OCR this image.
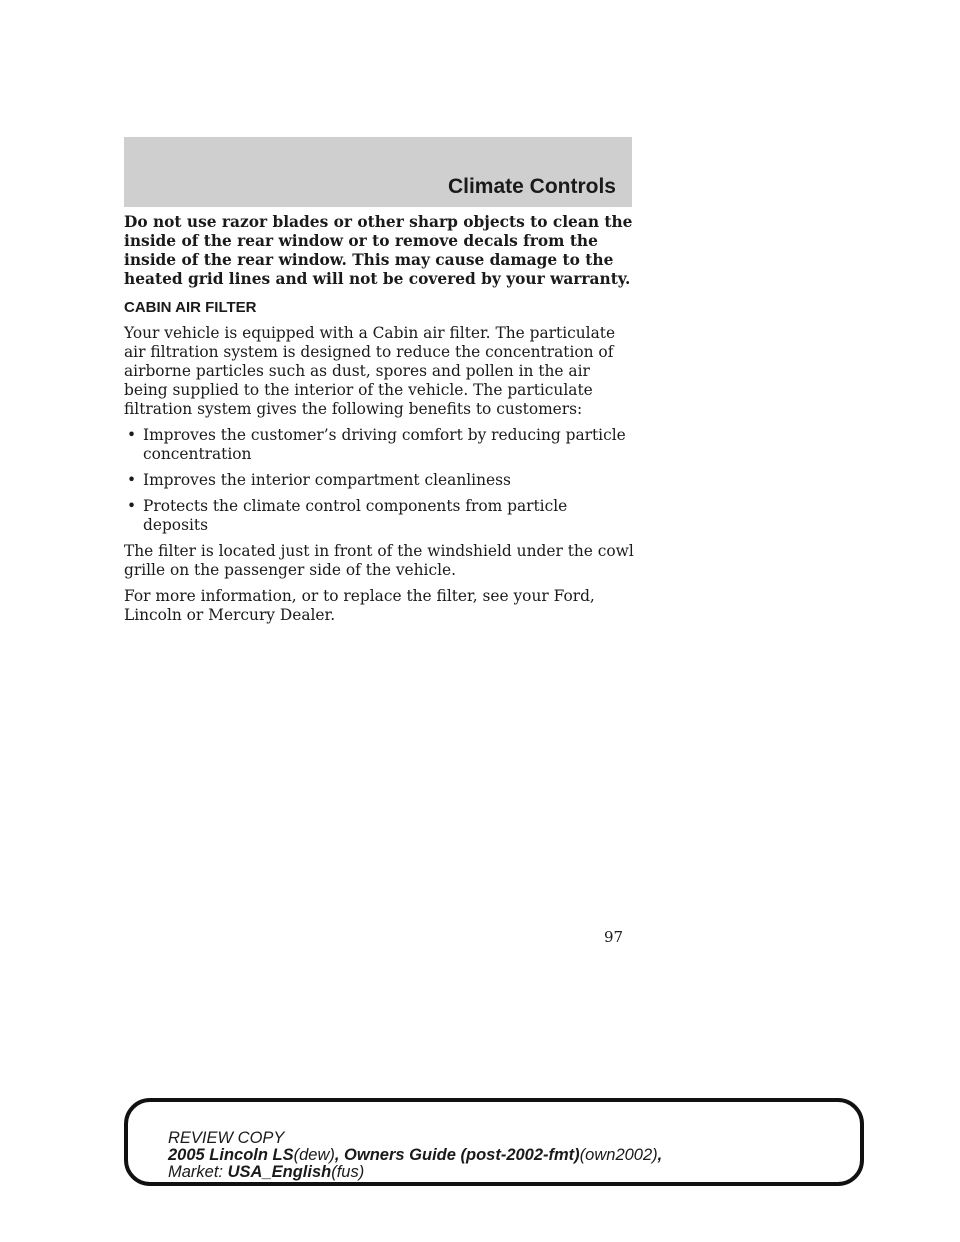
Climate Controls

Do not use razor blades or other sharp objects to clean the inside of the rear window or to remove decals from the inside of the rear window. This may cause damage to the heated grid lines and will not be covered by your warranty.

CABIN AIR FILTER

Your vehicle is equipped with a Cabin air filter. The particulate air filtration system is designed to reduce the concentration of airborne particles such as dust, spores and pollen in the air being supplied to the interior of the vehicle. The particulate filtration system gives the following benefits to customers:

• Improves the customer’s driving comfort by reducing particle concentration
• Improves the interior compartment cleanliness
• Protects the climate control components from particle deposits

The filter is located just in front of the windshield under the cowl grille on the passenger side of the vehicle.

For more information, or to replace the filter, see your Ford, Lincoln or Mercury Dealer.

97
REVIEW COPY
2005 Lincoln LS(dew), Owners Guide (post-2002-fmt)(own2002),
Market: USA_English(fus)
